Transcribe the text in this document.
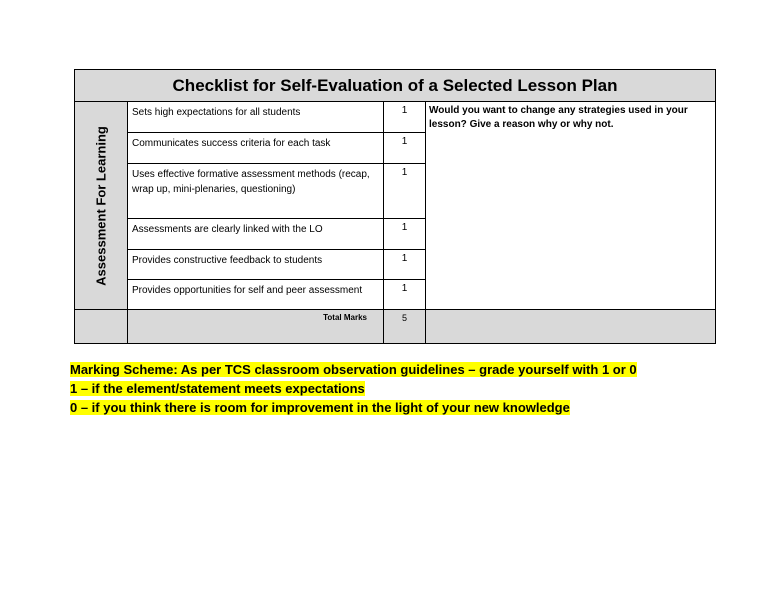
Checklist for Self-Evaluation of a Selected Lesson Plan			

Assessment For Learning	Sets high expectations for all students	1	Would you want to change any strategies used in your lesson? Give a reason why or why not.
	Communicates success criteria for each task	1	
	Uses effective formative assessment methods (recap, wrap up, mini-plenaries, questioning)	1	
	Assessments are clearly linked with the LO	1	
	Provides constructive feedback to students	1	
	Provides opportunities for self and peer assessment	1	
	Total Marks	5	
Marking Scheme: As per TCS classroom observation guidelines – grade yourself with 1 or 0
1 – if the element/statement meets expectations
0 – if you think there is room for improvement in the light of your new knowledge
